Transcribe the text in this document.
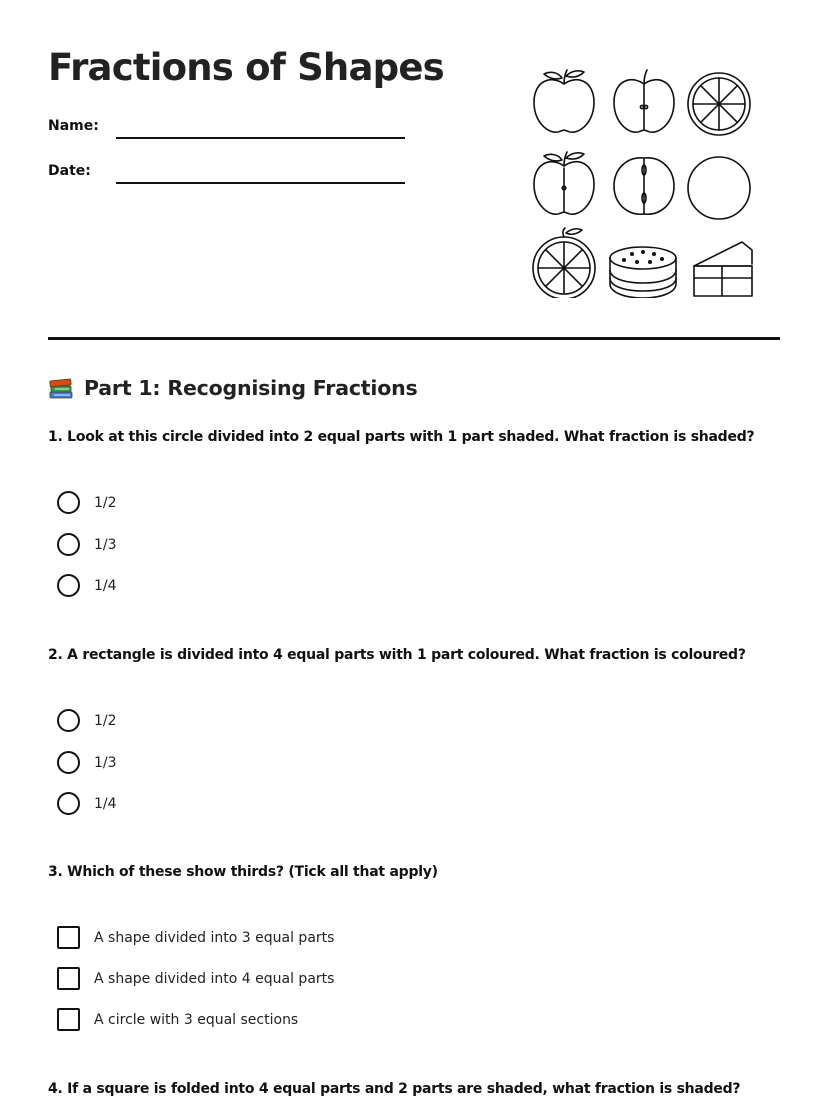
Fractions of Shapes
Name:
Date:
Part 1: Recognising Fractions
1. Look at this circle divided into 2 equal parts with 1 part shaded. What fraction is shaded?
1/2
1/3
1/4
2. A rectangle is divided into 4 equal parts with 1 part coloured. What fraction is coloured?
1/2
1/3
1/4
3. Which of these show thirds? (Tick all that apply)
A shape divided into 3 equal parts
A shape divided into 4 equal parts
A circle with 3 equal sections
4. If a square is folded into 4 equal parts and 2 parts are shaded, what fraction is shaded?
